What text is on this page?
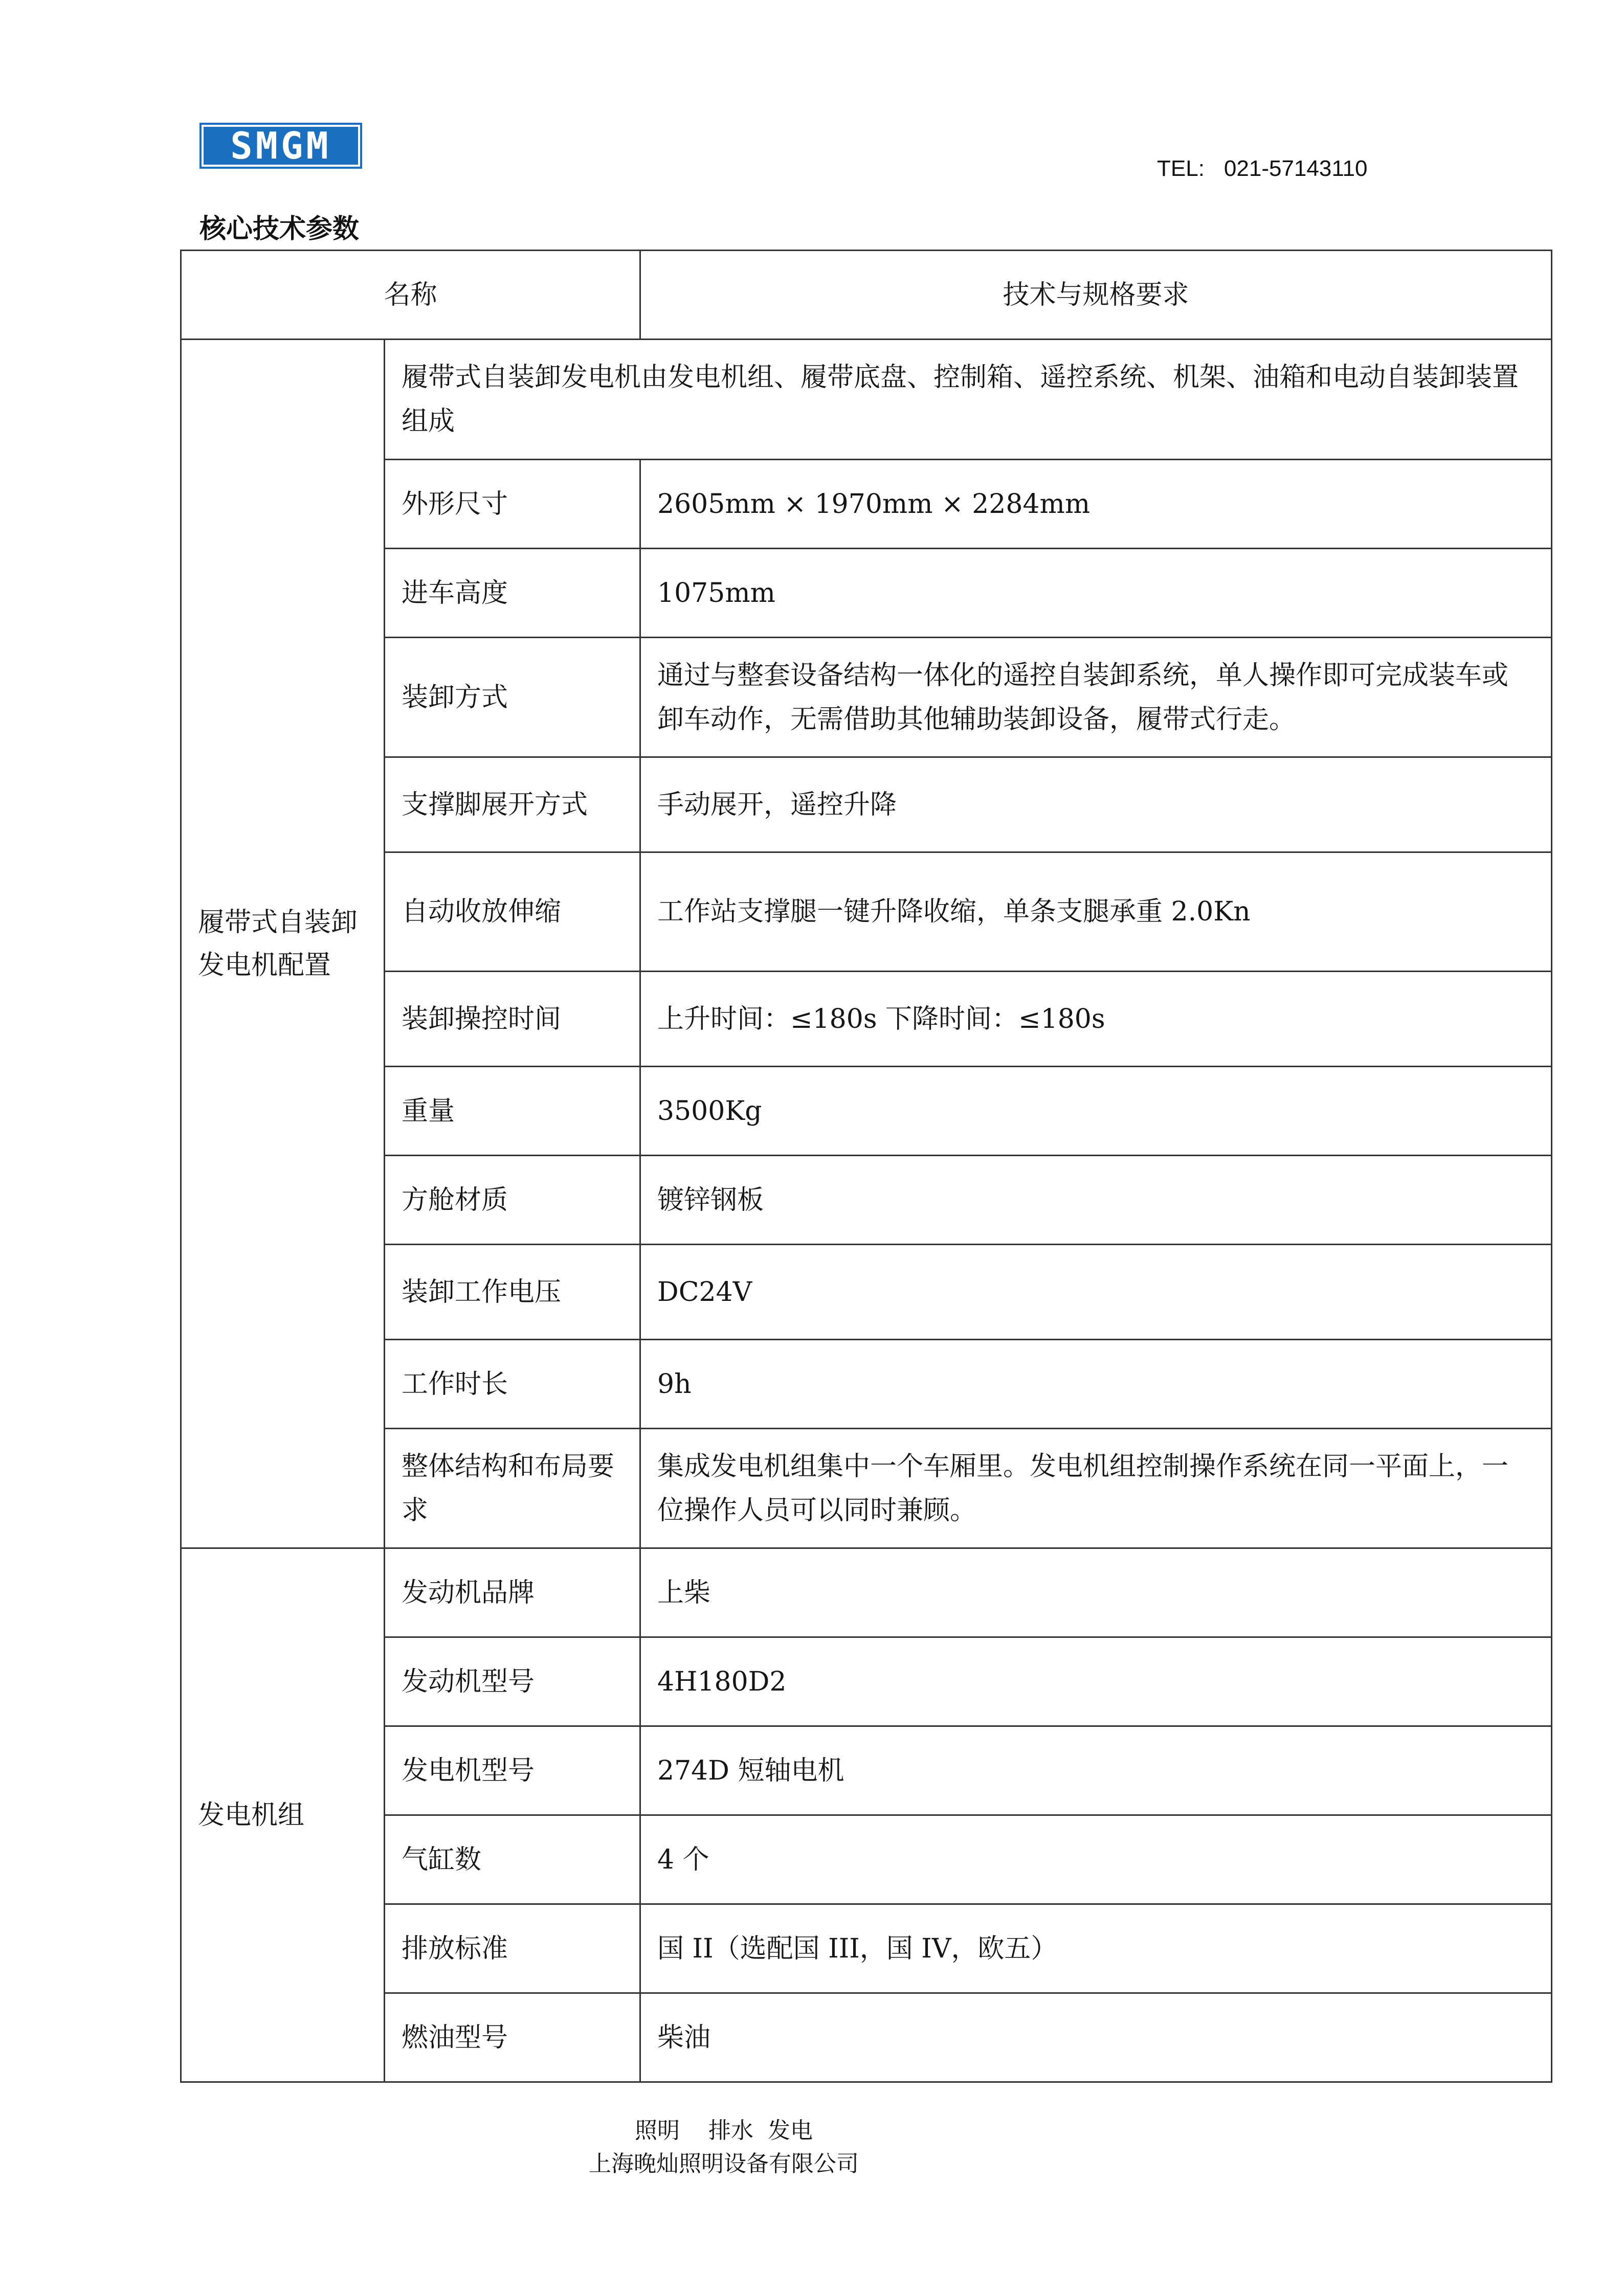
SMGM
TEL: 021-57143110
核心技术参数
名称		技术与规格要求
履带式自装卸发电机配置	履带式自装卸发电机由发电机组、履带底盘、控制箱、遥控系统、机架、油箱和电动自装卸装置组成	
	外形尺寸	2605mm × 1970mm × 2284mm
	进车高度	1075mm
	装卸方式	通过与整套设备结构一体化的遥控自装卸系统，单人操作即可完成装车或卸车动作，无需借助其他辅助装卸设备，履带式行走。
	支撑脚展开方式	手动展开，遥控升降
	自动收放伸缩	工作站支撑腿一键升降收缩，单条支腿承重 2.0Kn
	装卸操控时间	上升时间：≤180s 下降时间：≤180s
	重量	3500Kg
	方舱材质	镀锌钢板
	装卸工作电压	DC24V
	工作时长	9h
	整体结构和布局要求	集成发电机组集中一个车厢里。发电机组控制操作系统在同一平面上，一位操作人员可以同时兼顾。
发电机组	发动机品牌	上柴
	发动机型号	4H180D2
	发电机型号	274D 短轴电机
	气缸数	4 个
	排放标准	国 II（选配国 III，国 IV，欧五）
	燃油型号	柴油
照明    排水  发电
上海晚灿照明设备有限公司
